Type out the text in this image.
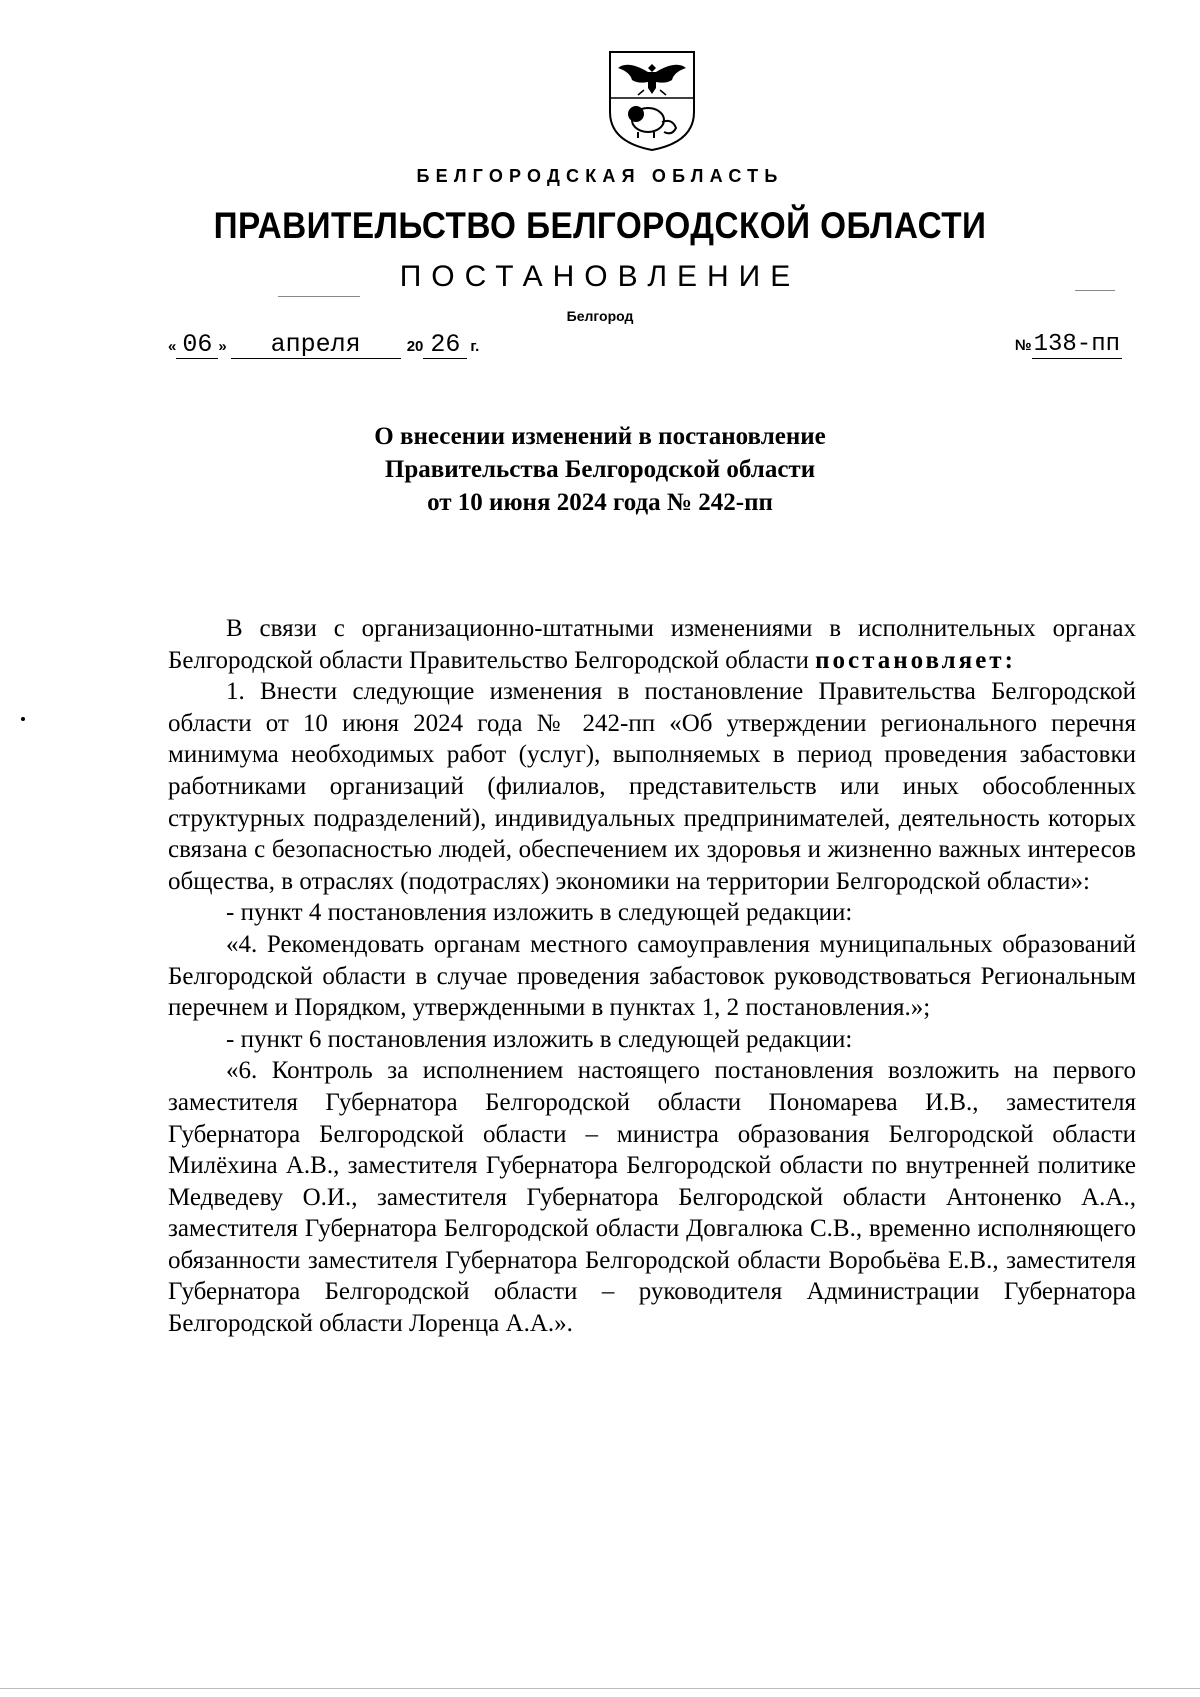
БЕЛГОРОДСКАЯ ОБЛАСТЬ
ПРАВИТЕЛЬСТВО БЕЛГОРОДСКОЙ ОБЛАСТИ
ПОСТАНОВЛЕНИЕ
Белгород
« 06 » апреля	20 26 г.	№138-пп
О внесении изменений в постановление
Правительства Белгородской области
от 10 июня 2024 года № 242-пп

В связи с организационно-штатными изменениями в исполнительных органах Белгородской области Правительство Белгородской области постановляет:

1. Внести следующие изменения в постановление Правительства Белгородской области от 10 июня 2024 года № 242-пп «Об утверждении регионального перечня минимума необходимых работ (услуг), выполняемых в период проведения забастовки работниками организаций (филиалов, представительств или иных обособленных структурных подразделений), индивидуальных предпринимателей, деятельность которых связана с безопасностью людей, обеспечением их здоровья и жизненно важных интересов общества, в отраслях (подотраслях) экономики на территории Белгородской области»:

- пункт 4 постановления изложить в следующей редакции:

«4. Рекомендовать органам местного самоуправления муниципальных образований Белгородской области в случае проведения забастовок руководствоваться Региональным перечнем и Порядком, утвержденными в пунктах 1, 2 постановления.»;

- пункт 6 постановления изложить в следующей редакции:

«6. Контроль за исполнением настоящего постановления возложить на первого заместителя Губернатора Белгородской области Пономарева И.В., заместителя Губернатора Белгородской области – министра образования Белгородской области Милёхина А.В., заместителя Губернатора Белгородской области по внутренней политике Медведеву О.И., заместителя Губернатора Белгородской области Антоненко А.А., заместителя Губернатора Белгородской области Довгалюка С.В., временно исполняющего обязанности заместителя Губернатора Белгородской области Воробьёва Е.В., заместителя Губернатора Белгородской области – руководителя Администрации Губернатора Белгородской области Лоренца А.А.».
